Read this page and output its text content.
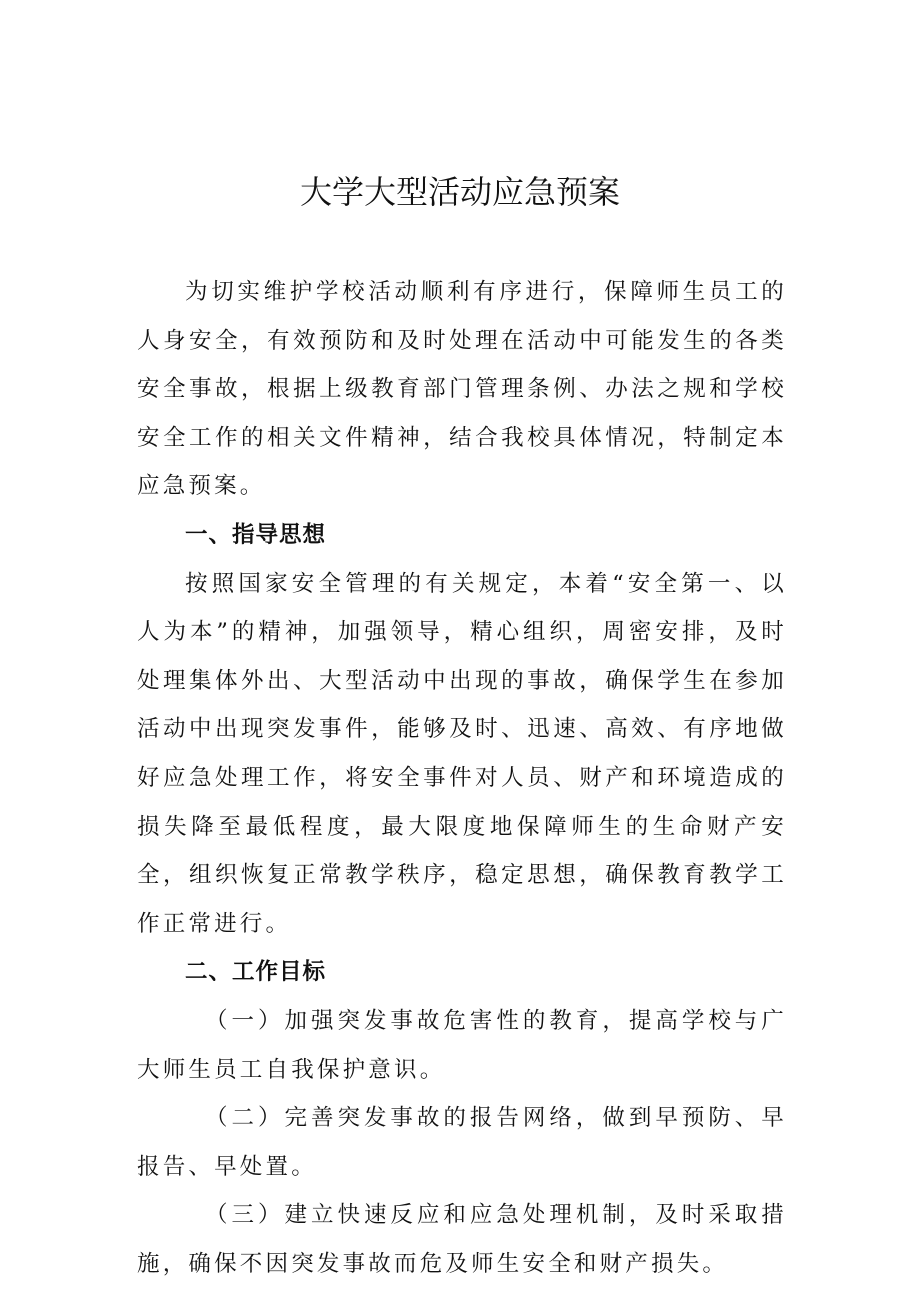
大学大型活动应急预案

为切实维护学校活动顺利有序进行，保障师生员工的人身安全，有效预防和及时处理在活动中可能发生的各类安全事故，根据上级教育部门管理条例、办法之规和学校安全工作的相关文件精神，结合我校具体情况，特制定本应急预案。

一、指导思想

按照国家安全管理的有关规定，本着“安全第一、以人为本”的精神，加强领导，精心组织，周密安排，及时处理集体外出、大型活动中出现的事故，确保学生在参加活动中出现突发事件，能够及时、迅速、高效、有序地做好应急处理工作，将安全事件对人员、财产和环境造成的损失降至最低程度，最大限度地保障师生的生命财产安全，组织恢复正常教学秩序，稳定思想，确保教育教学工作正常进行。

二、工作目标

（一）加强突发事故危害性的教育，提高学校与广大师生员工自我保护意识。

（二）完善突发事故的报告网络，做到早预防、早报告、早处置。

（三）建立快速反应和应急处理机制，及时采取措施，确保不因突发事故而危及师生安全和财产损失。
